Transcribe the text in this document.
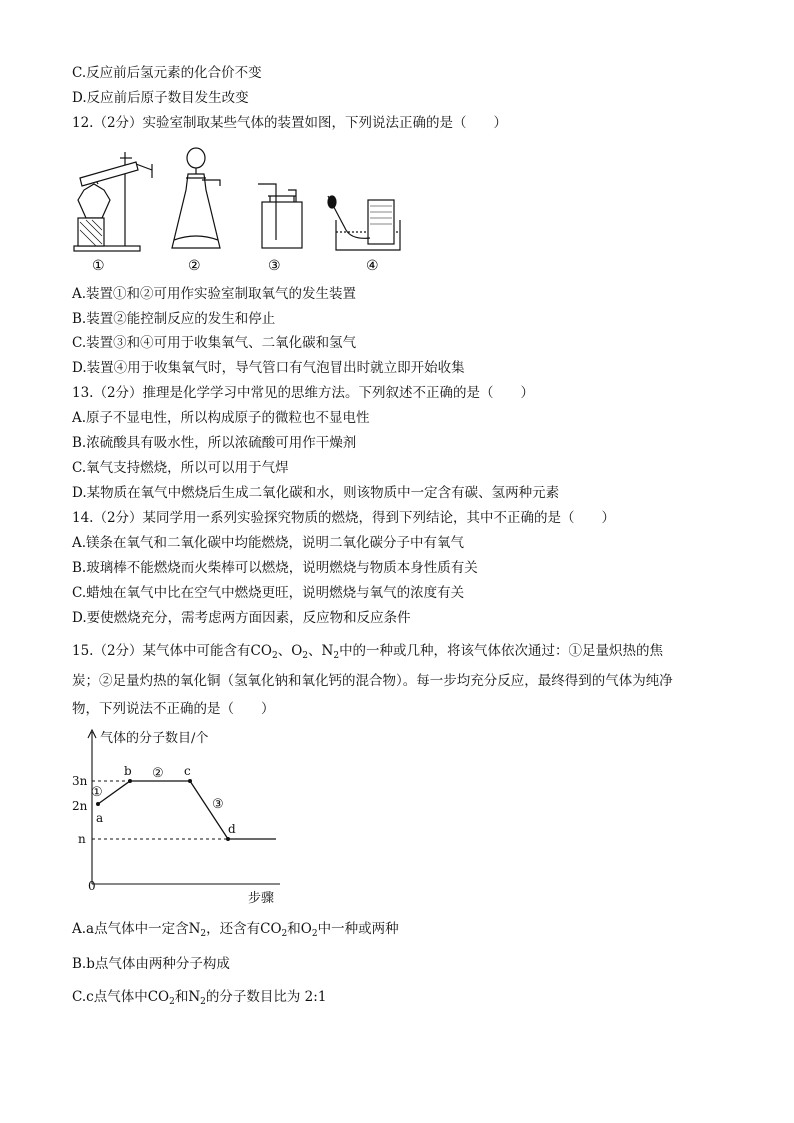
C.反应前后氢元素的化合价不变
D.反应前后原子数目发生改变
12.（2分）实验室制取某些气体的装置如图，下列说法正确的是（　　）
①	②	③	④
A.装置①和②可用作实验室制取氧气的发生装置
B.装置②能控制反应的发生和停止
C.装置③和④可用于收集氧气、二氧化碳和氢气
D.装置④用于收集氧气时，导气管口有气泡冒出时就立即开始收集
13.（2分）推理是化学学习中常见的思维方法。下列叙述不正确的是（　　）
A.原子不显电性，所以构成原子的微粒也不显电性
B.浓硫酸具有吸水性，所以浓硫酸可用作干燥剂
C.氧气支持燃烧，所以可以用于气焊
D.某物质在氧气中燃烧后生成二氧化碳和水，则该物质中一定含有碳、氢两种元素
14.（2分）某同学用一系列实验探究物质的燃烧，得到下列结论，其中不正确的是（　　）
A.镁条在氧气和二氧化碳中均能燃烧，说明二氧化碳分子中有氧气
B.玻璃棒不能燃烧而火柴棒可以燃烧，说明燃烧与物质本身性质有关
C.蜡烛在氧气中比在空气中燃烧更旺，说明燃烧与氧气的浓度有关
D.要使燃烧充分，需考虑两方面因素，反应物和反应条件
15.（2分）某气体中可能含有$CO_2$、$O_2$、$N_2$中的一种或几种，将该气体依次通过：①足量炽热的焦
炭；②足量灼热的氧化铜（氢氧化钠和氧化钙的混合物）。每一步均充分反应，最终得到的气体为纯净
物，下列说法不正确的是（　　）
气体的分子数目/个
3n
2n
n
0
步骤
a
b	c
d
①
②
③
A.a点气体中一定含$N_2$，还含有$CO_2$和$O_2$中一种或两种
B.b点气体由两种分子构成
C.c点气体中$CO_2$和$N_2$的分子数目比为 2:1
